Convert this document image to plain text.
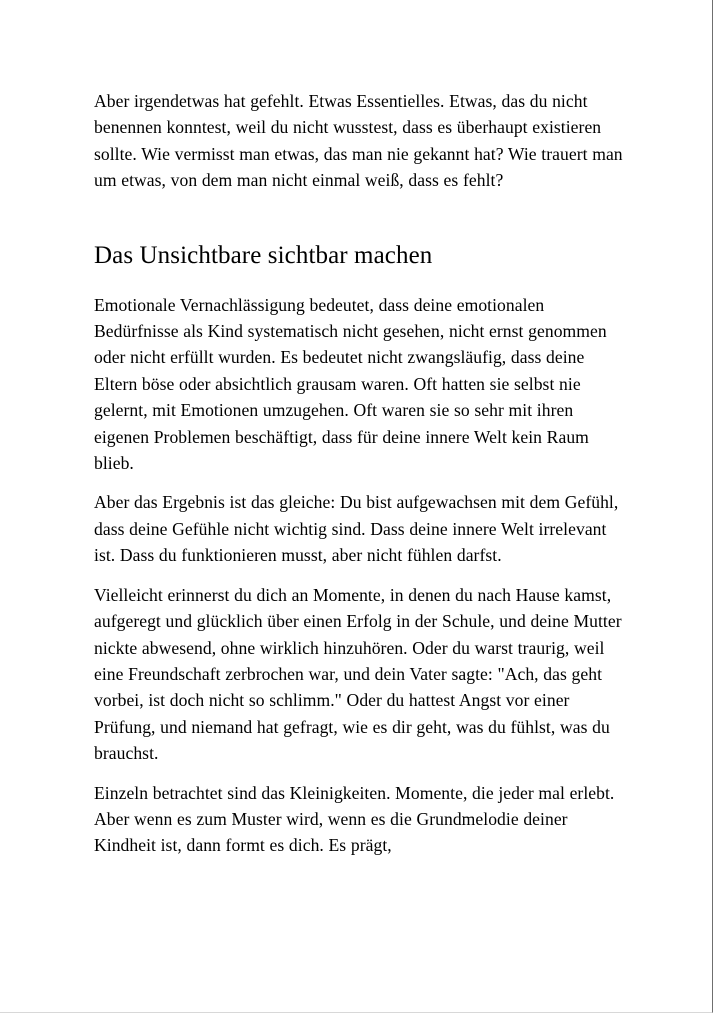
Aber irgendetwas hat gefehlt. Etwas Essentielles. Etwas, das du nicht benennen konntest, weil du nicht wusstest, dass es überhaupt existieren sollte. Wie vermisst man etwas, das man nie gekannt hat? Wie trauert man um etwas, von dem man nicht einmal weiß, dass es fehlt?

Das Unsichtbare sichtbar machen

Emotionale Vernachlässigung bedeutet, dass deine emotionalen Bedürfnisse als Kind systematisch nicht gesehen, nicht ernst genommen oder nicht erfüllt wurden. Es bedeutet nicht zwangsläufig, dass deine Eltern böse oder absichtlich grausam waren. Oft hatten sie selbst nie gelernt, mit Emotionen umzugehen. Oft waren sie so sehr mit ihren eigenen Problemen beschäftigt, dass für deine innere Welt kein Raum blieb.

Aber das Ergebnis ist das gleiche: Du bist aufgewachsen mit dem Gefühl, dass deine Gefühle nicht wichtig sind. Dass deine innere Welt irrelevant ist. Dass du funktionieren musst, aber nicht fühlen darfst.

Vielleicht erinnerst du dich an Momente, in denen du nach Hause kamst, aufgeregt und glücklich über einen Erfolg in der Schule, und deine Mutter nickte abwesend, ohne wirklich hinzuhören. Oder du warst traurig, weil eine Freundschaft zerbrochen war, und dein Vater sagte: "Ach, das geht vorbei, ist doch nicht so schlimm." Oder du hattest Angst vor einer Prüfung, und niemand hat gefragt, wie es dir geht, was du fühlst, was du brauchst.

Einzeln betrachtet sind das Kleinigkeiten. Momente, die jeder mal erlebt. Aber wenn es zum Muster wird, wenn es die Grundmelodie deiner Kindheit ist, dann formt es dich. Es prägt,
